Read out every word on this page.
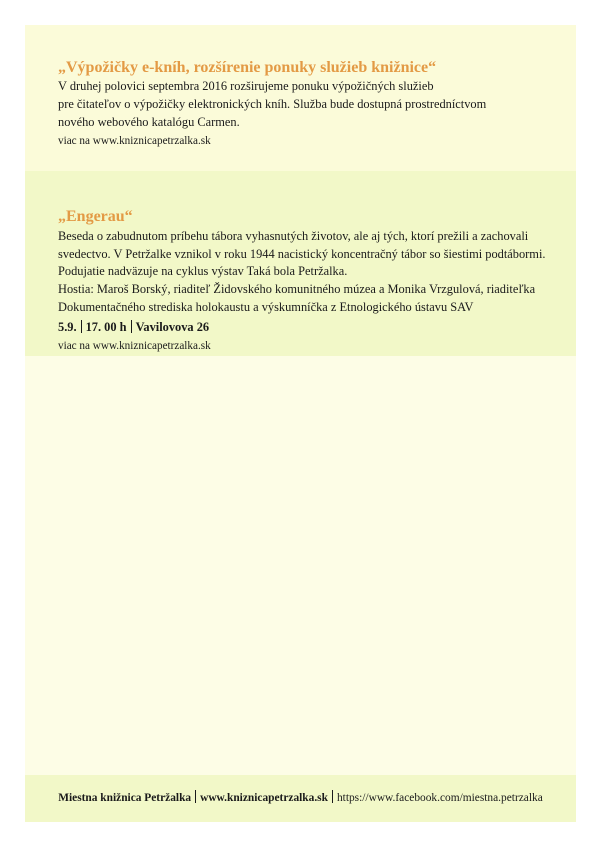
„Výpožičky e-kníh, rozšírenie ponuky služieb knižnice“
V druhej polovici septembra 2016 rozširujeme ponuku výpožičných služieb
pre čitateľov o výpožičky elektronických kníh. Služba bude dostupná prostredníctvom
nového webového katalógu Carmen.
viac na www.kniznicapetrzalka.sk
„Engerau“
Beseda o zabudnutom príbehu tábora vyhasnutých životov, ale aj tých, ktorí prežili a zachovali
svedectvo. V Petržalke vznikol v roku 1944 nacistický koncentračný tábor so šiestimi podtábormi.
Podujatie nadväzuje na cyklus výstav Taká bola Petržalka.
Hostia: Maroš Borský, riaditeľ Židovského komunitného múzea a Monika Vrzgulová, riaditeľka
Dokumentačného strediska holokaustu a výskumníčka z Etnologického ústavu SAV
5.9. 17. 00 h Vavilovova 26
viac na www.kniznicapetrzalka.sk
Miestna knižnica Petržalka www.kniznicapetrzalka.sk https://www.facebook.com/miestna.petrzalka
